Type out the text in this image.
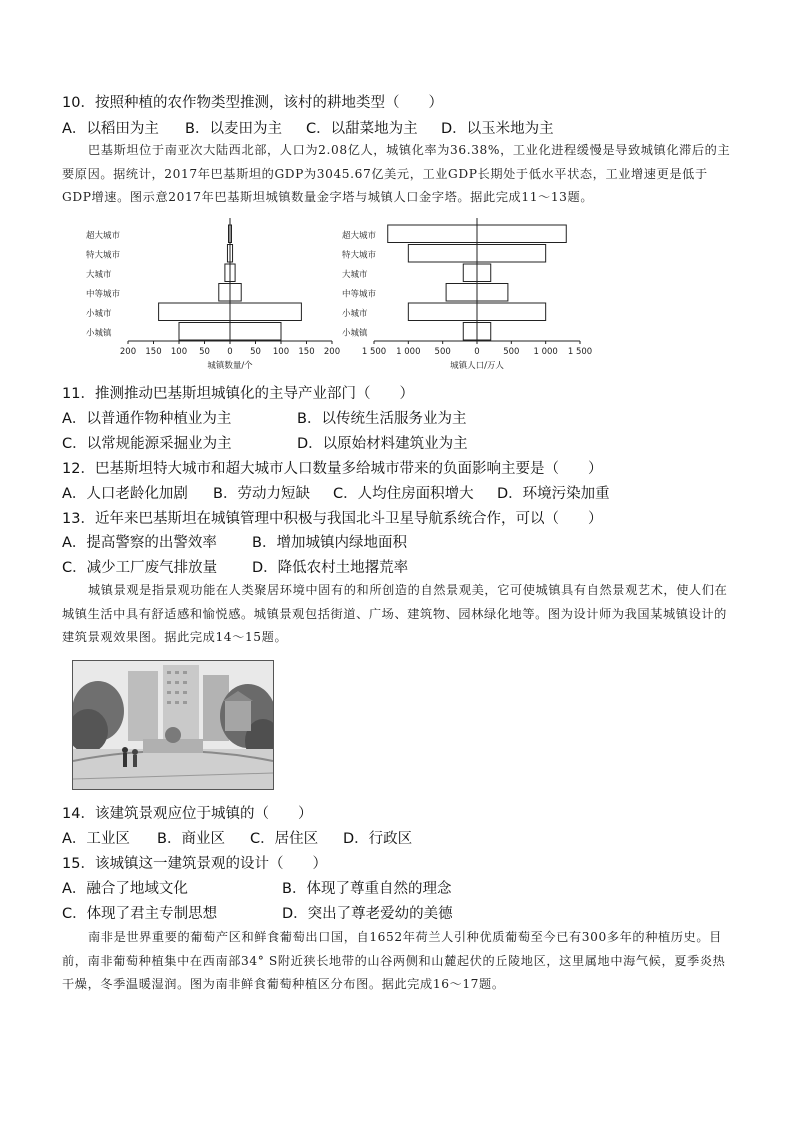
10．按照种植的农作物类型推测，该村的耕地类型（　　）
A．以稻田为主 B．以麦田为主 C．以甜菜地为主 D．以玉米地为主
巴基斯坦位于南亚次大陆西北部，人口为2.08亿人，城镇化率为36.38%，工业化进程缓慢是导致城镇化滞后的主要原因。据统计，2017年巴基斯坦的GDP为3045.67亿美元，工业GDP长期处于低水平状态，工业增速更是低于GDP增速。图示意2017年巴基斯坦城镇数量金字塔与城镇人口金字塔。据此完成11～13题。
超大城市
特大城市
大城市
中等城市
小城市
小城镇
200 150 100 50 0 50 100 150 200
城镇数量/个
超大城市
特大城市
大城市
中等城市
小城市
小城镇
1 500 1 000 500	0	500 1 000 1 500
城镇人口/万人
11．推测推动巴基斯坦城镇化的主导产业部门（　　）
A．以普通作物种植业为主	B．以传统生活服务业为主
C．以常规能源采掘业为主	D．以原始材料建筑业为主
12．巴基斯坦特大城市和超大城市人口数量多给城市带来的负面影响主要是（　　）
A．人口老龄化加剧 B．劳动力短缺 C．人均住房面积增大 D．环境污染加重
13．近年来巴基斯坦在城镇管理中积极与我国北斗卫星导航系统合作，可以（　　）
A．提高警察的出警效率 B．增加城镇内绿地面积
C．减少工厂废气排放量 D．降低农村土地撂荒率
城镇景观是指景观功能在人类聚居环境中固有的和所创造的自然景观美，它可使城镇具有自然景观艺术，使人们在城镇生活中具有舒适感和愉悦感。城镇景观包括街道、广场、建筑物、园林绿化地等。图为设计师为我国某城镇设计的建筑景观效果图。据此完成14～15题。
14．该建筑景观应位于城镇的（　　）
A．工业区 B．商业区 C．居住区 D．行政区
15．该城镇这一建筑景观的设计（　　）
A．融合了地域文化	B．体现了尊重自然的理念
C．体现了君主专制思想	D．突出了尊老爱幼的美德
南非是世界重要的葡萄产区和鲜食葡萄出口国，自1652年荷兰人引种优质葡萄至今已有300多年的种植历史。目前，南非葡萄种植集中在西南部34° S附近狭长地带的山谷两侧和山麓起伏的丘陵地区，这里属地中海气候，夏季炎热干燥，冬季温暖湿润。图为南非鲜食葡萄种植区分布图。据此完成16～17题。
